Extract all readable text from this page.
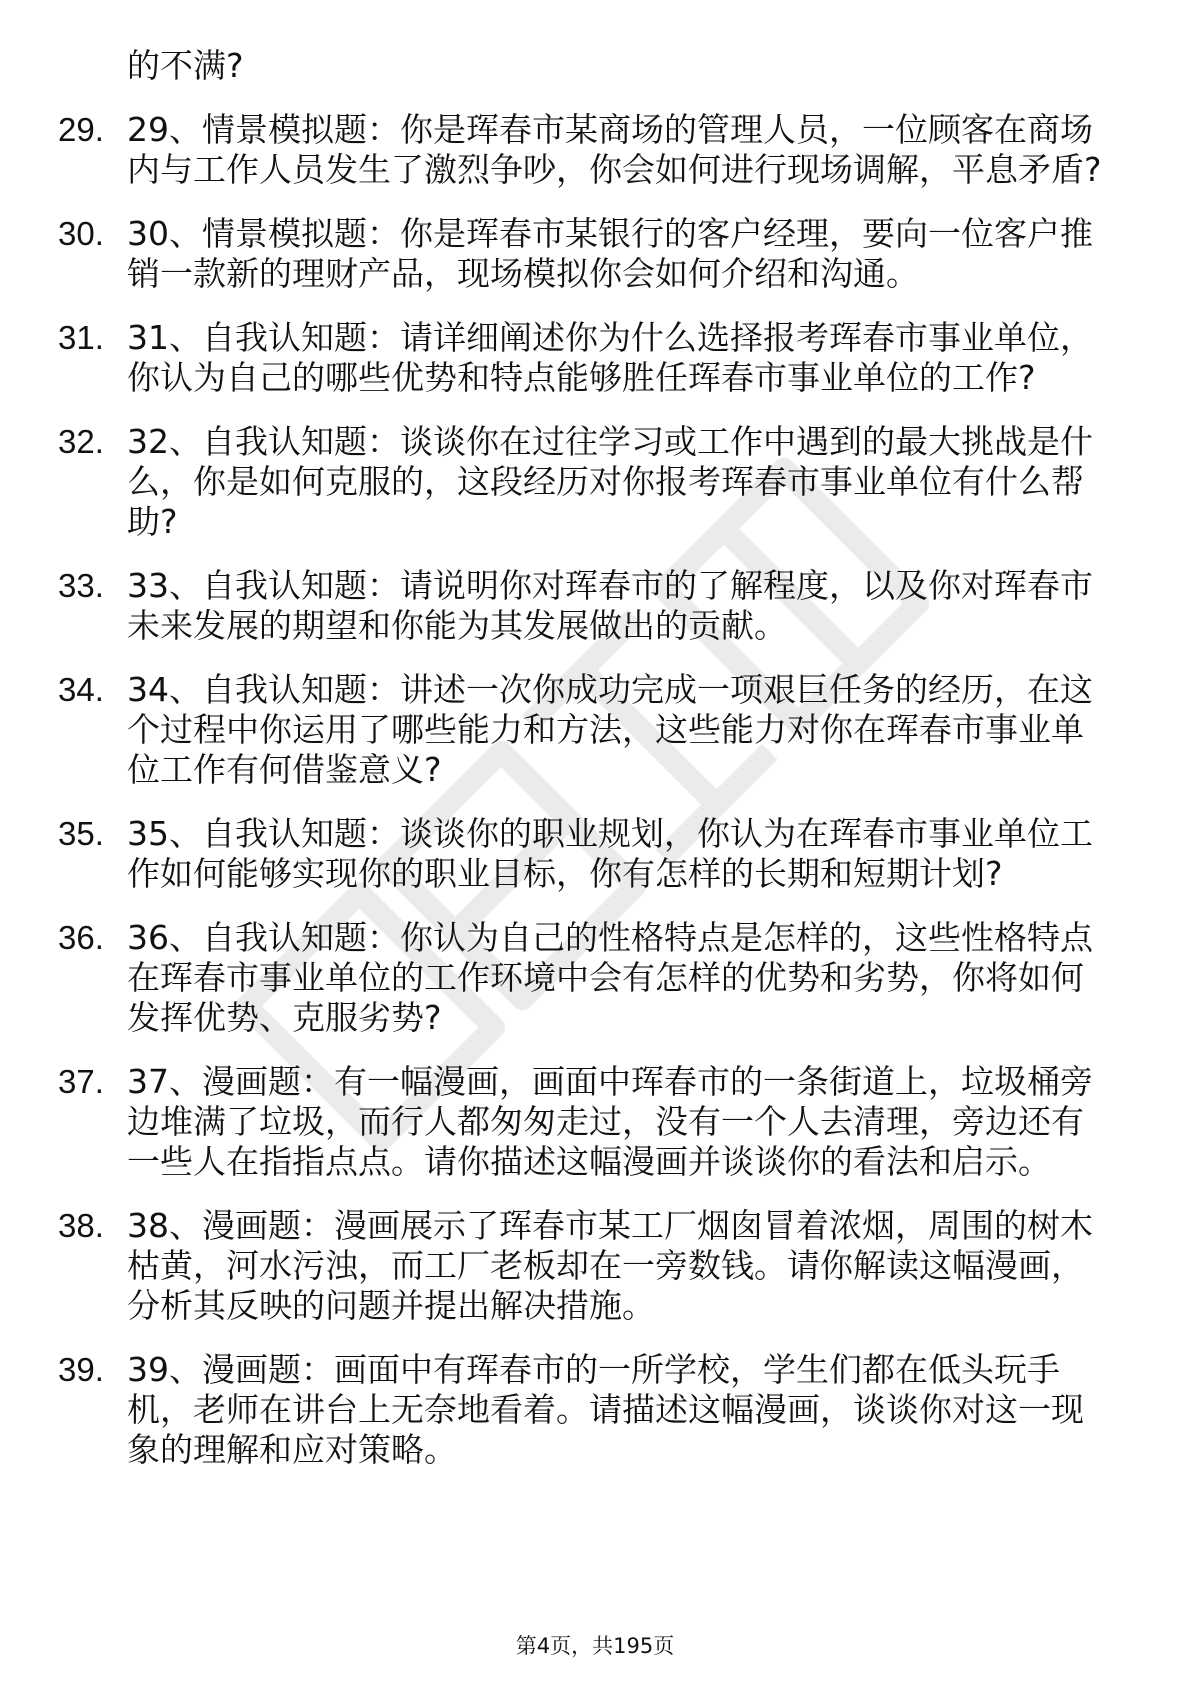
的不满?
29. 29、情景模拟题：你是珲春市某商场的管理人员，一位顾客在商场内与工作人员发生了激烈争吵，你会如何进行现场调解，平息矛盾?
30. 30、情景模拟题：你是珲春市某银行的客户经理，要向一位客户推销一款新的理财产品，现场模拟你会如何介绍和沟通。
31. 31、自我认知题：请详细阐述你为什么选择报考珲春市事业单位，你认为自己的哪些优势和特点能够胜任珲春市事业单位的工作?
32. 32、自我认知题：谈谈你在过往学习或工作中遇到的最大挑战是什么，你是如何克服的，这段经历对你报考珲春市事业单位有什么帮助?
33. 33、自我认知题：请说明你对珲春市的了解程度，以及你对珲春市未来发展的期望和你能为其发展做出的贡献。
34. 34、自我认知题：讲述一次你成功完成一项艰巨任务的经历，在这个过程中你运用了哪些能力和方法，这些能力对你在珲春市事业单位工作有何借鉴意义?
35. 35、自我认知题：谈谈你的职业规划，你认为在珲春市事业单位工作如何能够实现你的职业目标，你有怎样的长期和短期计划?
36. 36、自我认知题：你认为自己的性格特点是怎样的，这些性格特点在珲春市事业单位的工作环境中会有怎样的优势和劣势，你将如何发挥优势、克服劣势?
37. 37、漫画题：有一幅漫画，画面中珲春市的一条街道上，垃圾桶旁边堆满了垃圾，而行人都匆匆走过，没有一个人去清理，旁边还有一些人在指指点点。请你描述这幅漫画并谈谈你的看法和启示。
38. 38、漫画题：漫画展示了珲春市某工厂烟囱冒着浓烟，周围的树木枯黄，河水污浊，而工厂老板却在一旁数钱。请你解读这幅漫画，分析其反映的问题并提出解决措施。
39. 39、漫画题：画面中有珲春市的一所学校，学生们都在低头玩手机，老师在讲台上无奈地看着。请描述这幅漫画，谈谈你对这一现象的理解和应对策略。
第4页，共195页
